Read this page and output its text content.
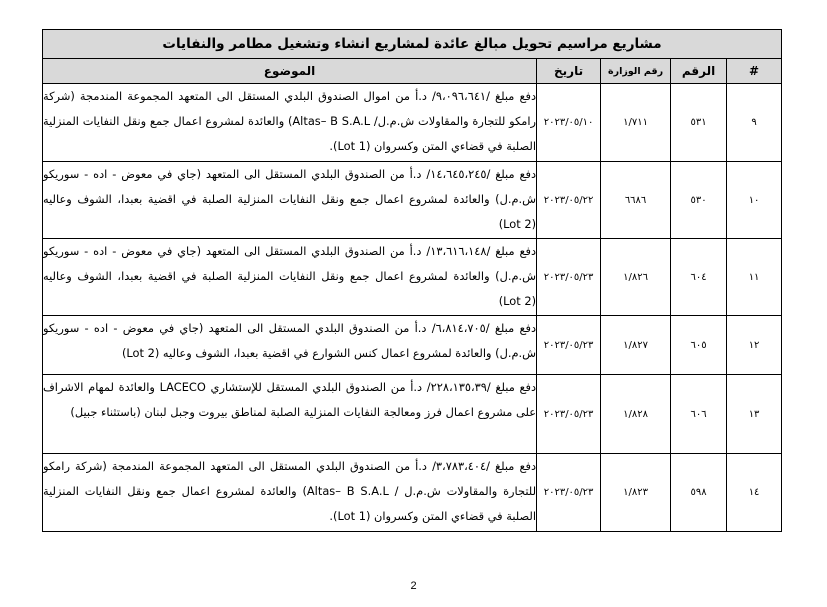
مشاريع مراسيم تحويل مبالغ عائدة لمشاريع انشاء وتشغيل مطامر والنفايات				
#	الرقم	رقم الوزارة	تاريخ	الموضوع
٩	٥٣١	١/٧١١	٢٠٢٣/٠٥/١٠	دفع مبلغ /٩،٠٩٦،٦٤١/ د.أ من اموال الصندوق البلدي المستقل الى المتعهد المجموعة المندمجة (شركة رامكو للتجارة والمقاولات ش.م.ل/ Altas– B S.A.L) والعائدة لمشروع اعمال جمع ونقل النفايات المنزلية الصلبة في قضاءي المتن وكسروان (Lot 1).
١٠	٥٣٠	٦٦٨٦	٢٠٢٣/٠٥/٢٢	دفع مبلغ /١٤،٦٤٥،٢٤٥/ د.أ من الصندوق البلدي المستقل الى المتعهد (جاي في معوض - اده - سوريكو ش.م.ل) والعائدة لمشروع اعمال جمع ونقل النفايات المنزلية الصلبة في اقضية بعبدا، الشوف وعاليه (Lot 2)
١١	٦٠٤	١/٨٢٦	٢٠٢٣/٠٥/٢٣	دفع مبلغ /١٣،٦١٦،١٤٨/ د.أ من الصندوق البلدي المستقل الى المتعهد (جاي في معوض - اده - سوريكو ش.م.ل) والعائدة لمشروع اعمال جمع ونقل النفايات المنزلية الصلبة في اقضية بعبدا، الشوف وعاليه (Lot 2)
١٢	٦٠٥	١/٨٢٧	٢٠٢٣/٠٥/٢٣	دفع مبلغ /٦،٨١٤،٧٠٥/ د.أ من الصندوق البلدي المستقل الى المتعهد (جاي في معوض - اده - سوريكو ش.م.ل) والعائدة لمشروع اعمال كنس الشوارع في اقضية بعبدا، الشوف وعاليه (Lot 2)
١٣	٦٠٦	١/٨٢٨	٢٠٢٣/٠٥/٢٣	دفع مبلغ /٢٢٨،١٣٥،٣٩/ د.أ من الصندوق البلدي المستقل للإستشاري LACECO والعائدة لمهام الاشراف على مشروع اعمال فرز ومعالجة النفايات المنزلية الصلبة لمناطق بيروت وجبل لبنان (باستثناء جبيل)
١٤	٥٩٨	١/٨٢٣	٢٠٢٣/٠٥/٢٣	دفع مبلغ /٣،٧٨٣،٤٠٤/ د.أ من الصندوق البلدي المستقل الى المتعهد المجموعة المندمجة (شركة رامكو للتجارة والمقاولات ش.م.ل / Altas– B S.A.L) والعائدة لمشروع اعمال جمع ونقل النفايات المنزلية الصلبة في قضاءي المتن وكسروان (Lot 1).
2
